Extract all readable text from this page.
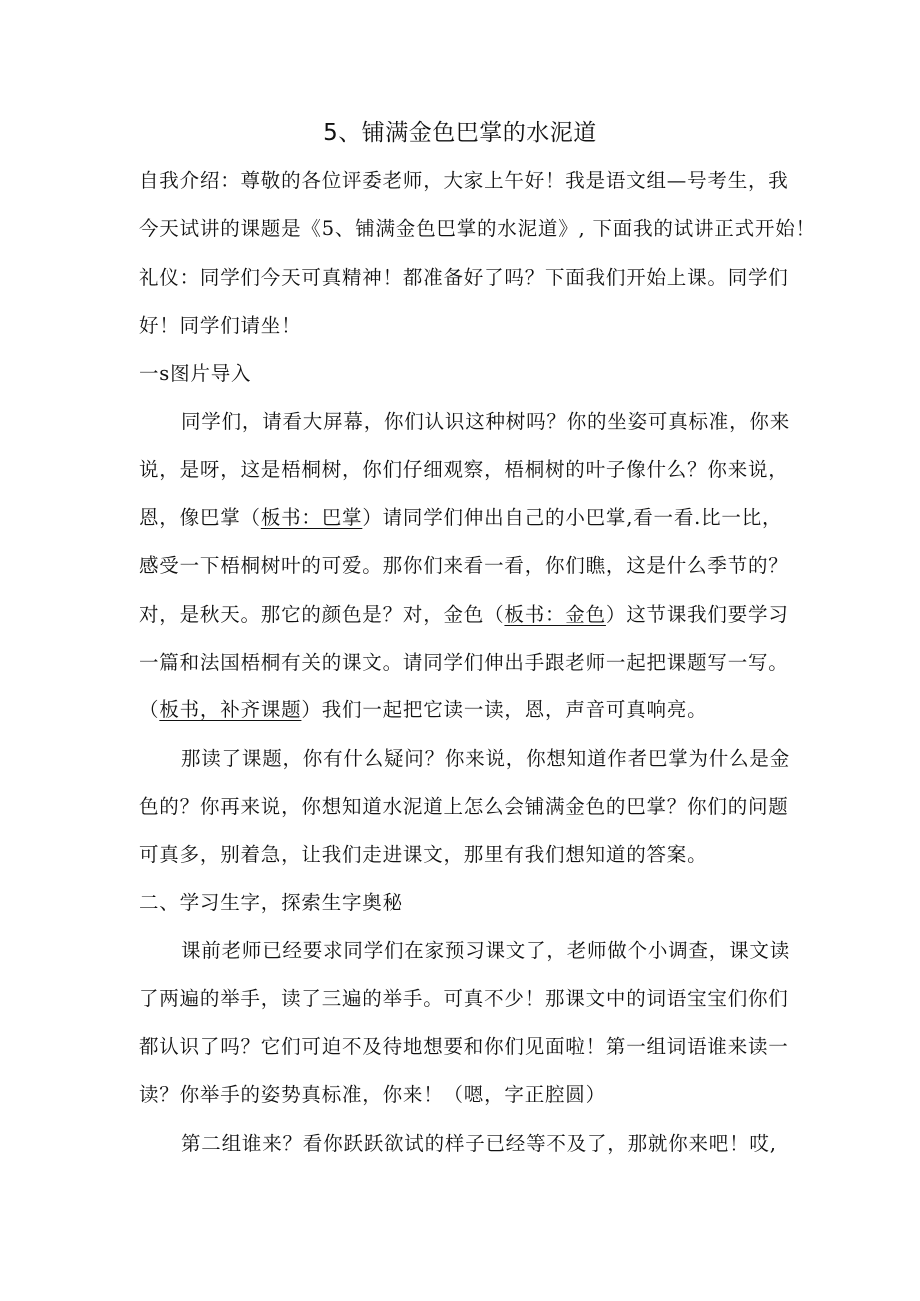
5、铺满金色巴掌的水泥道
自我介绍：尊敬的各位评委老师，大家上午好！我是语文组—号考生，我
今天试讲的课题是《5、铺满金色巴掌的水泥道》, 下面我的试讲正式开始！
礼仪：同学们今天可真精神！都准备好了吗？下面我们开始上课。同学们
好！同学们请坐！
一s图片导入
同学们，请看大屏幕，你们认识这种树吗？你的坐姿可真标准，你来
说，是呀，这是梧桐树，你们仔细观察，梧桐树的叶子像什么？你来说，
恩，像巴掌（板书：巴掌）请同学们伸出自己的小巴掌,看一看.比一比，
感受一下梧桐树叶的可爱。那你们来看一看，你们瞧，这是什么季节的？
对，是秋天。那它的颜色是？对，金色（板书：金色）这节课我们要学习
一篇和法国梧桐有关的课文。请同学们伸出手跟老师一起把课题写一写。
（板书，补齐课题）我们一起把它读一读，恩，声音可真响亮。
那读了课题，你有什么疑问？你来说，你想知道作者巴掌为什么是金
色的？你再来说，你想知道水泥道上怎么会铺满金色的巴掌？你们的问题
可真多，别着急，让我们走进课文，那里有我们想知道的答案。
二、学习生字，探索生字奥秘
课前老师已经要求同学们在家预习课文了，老师做个小调查，课文读
了两遍的举手，读了三遍的举手。可真不少！那课文中的词语宝宝们你们
都认识了吗？它们可迫不及待地想要和你们见面啦！第一组词语谁来读一
读？你举手的姿势真标准，你来！（嗯，字正腔圆）
第二组谁来？看你跃跃欲试的样子已经等不及了，那就你来吧！哎,
